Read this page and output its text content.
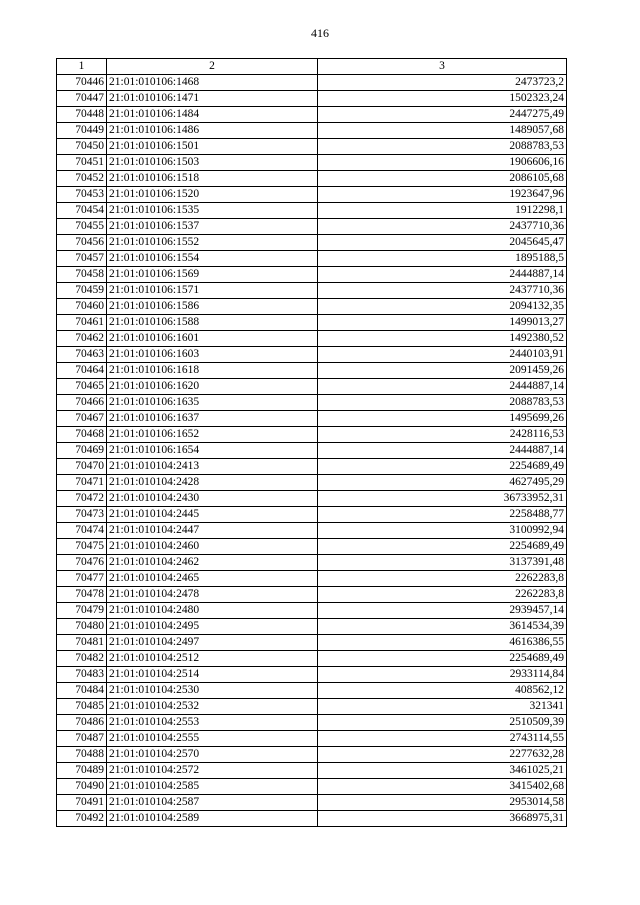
416
1	2	3
70446	21:01:010106:1468	2473723,2
70447	21:01:010106:1471	1502323,24
70448	21:01:010106:1484	2447275,49
70449	21:01:010106:1486	1489057,68
70450	21:01:010106:1501	2088783,53
70451	21:01:010106:1503	1906606,16
70452	21:01:010106:1518	2086105,68
70453	21:01:010106:1520	1923647,96
70454	21:01:010106:1535	1912298,1
70455	21:01:010106:1537	2437710,36
70456	21:01:010106:1552	2045645,47
70457	21:01:010106:1554	1895188,5
70458	21:01:010106:1569	2444887,14
70459	21:01:010106:1571	2437710,36
70460	21:01:010106:1586	2094132,35
70461	21:01:010106:1588	1499013,27
70462	21:01:010106:1601	1492380,52
70463	21:01:010106:1603	2440103,91
70464	21:01:010106:1618	2091459,26
70465	21:01:010106:1620	2444887,14
70466	21:01:010106:1635	2088783,53
70467	21:01:010106:1637	1495699,26
70468	21:01:010106:1652	2428116,53
70469	21:01:010106:1654	2444887,14
70470	21:01:010104:2413	2254689,49
70471	21:01:010104:2428	4627495,29
70472	21:01:010104:2430	36733952,31
70473	21:01:010104:2445	2258488,77
70474	21:01:010104:2447	3100992,94
70475	21:01:010104:2460	2254689,49
70476	21:01:010104:2462	3137391,48
70477	21:01:010104:2465	2262283,8
70478	21:01:010104:2478	2262283,8
70479	21:01:010104:2480	2939457,14
70480	21:01:010104:2495	3614534,39
70481	21:01:010104:2497	4616386,55
70482	21:01:010104:2512	2254689,49
70483	21:01:010104:2514	2933114,84
70484	21:01:010104:2530	408562,12
70485	21:01:010104:2532	321341
70486	21:01:010104:2553	2510509,39
70487	21:01:010104:2555	2743114,55
70488	21:01:010104:2570	2277632,28
70489	21:01:010104:2572	3461025,21
70490	21:01:010104:2585	3415402,68
70491	21:01:010104:2587	2953014,58
70492	21:01:010104:2589	3668975,31
